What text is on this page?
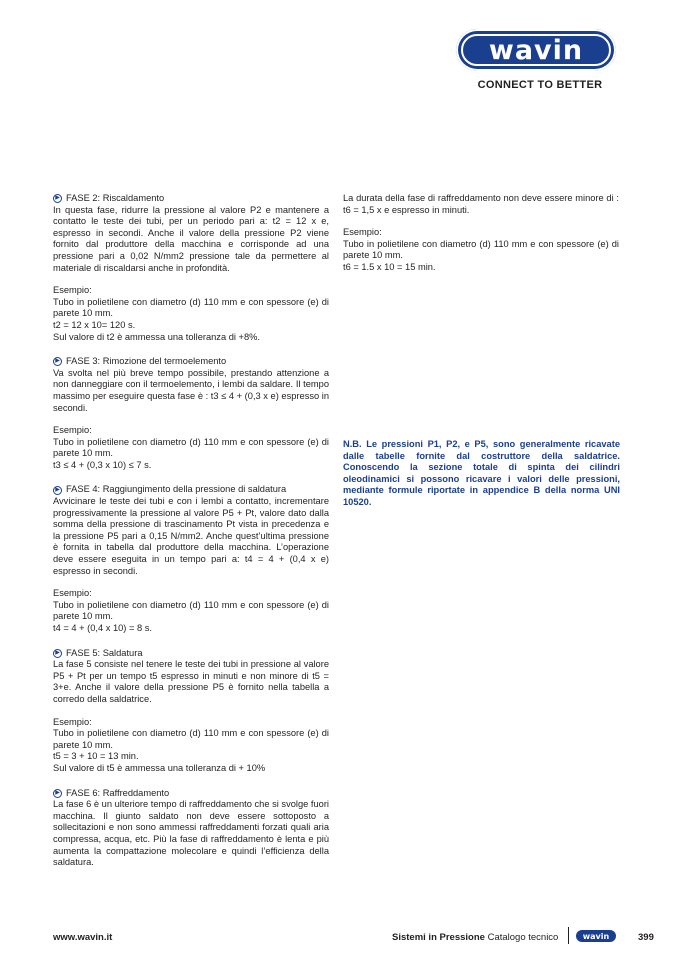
wavin
CONNECT TO BETTER
▶ FASE 2: Riscaldamento

In questa fase, ridurre la pressione al valore P2 e mantenere a contatto le teste dei tubi, per un periodo pari a: t2 = 12 x e, espresso in secondi. Anche il valore della pressione P2 viene fornito dal produttore della macchina e corrisponde ad una pressione pari a 0,02 N/mm2 pressione tale da permettere al materiale di riscaldarsi anche in profondità.

Esempio:

Tubo in polietilene con diametro (d) 110 mm e con spessore (e) di parete 10 mm.

t2 = 12 x 10= 120 s.

Sul valore di t2 è ammessa una tolleranza di +8%.

▶ FASE 3: Rimozione del termoelemento

Va svolta nel più breve tempo possibile, prestando attenzione a non danneggiare con il termoelemento, i lembi da saldare. Il tempo massimo per eseguire questa fase è : t3 ≤ 4 + (0,3 x e) espresso in secondi.

Esempio:

Tubo in polietilene con diametro (d) 110 mm e con spessore (e) di parete 10 mm.

t3 ≤ 4 + (0,3 x 10) ≤ 7 s.

▶ FASE 4: Raggiungimento della pressione di saldatura

Avvicinare le teste dei tubi e con i lembi a contatto, incrementare progressivamente la pressione al valore P5 + Pt, valore dato dalla somma della pressione di trascinamento Pt vista in precedenza e la pressione P5 pari a 0,15 N/mm2. Anche quest’ultima pressione è fornita in tabella dal produttore della macchina. L’operazione deve essere eseguita in un tempo pari a: t4 = 4 + (0,4 x e) espresso in secondi.

Esempio:

Tubo in polietilene con diametro (d) 110 mm e con spessore (e) di parete 10 mm.

t4 = 4 + (0,4 x 10) = 8 s.

▶ FASE 5: Saldatura

La fase 5 consiste nel tenere le teste dei tubi in pressione al valore P5 + Pt per un tempo t5 espresso in minuti e non minore di t5 = 3+e. Anche il valore della pressione P5 è fornito nella tabella a corredo della saldatrice.

Esempio:

Tubo in polietilene con diametro (d) 110 mm e con spessore (e) di parete 10 mm.

t5 = 3 + 10 = 13 min.

Sul valore di t5 è ammessa una tolleranza di + 10%

▶ FASE 6: Raffreddamento

La fase 6 è un ulteriore tempo di raffreddamento che si svolge fuori macchina. Il giunto saldato non deve essere sottoposto a sollecitazioni e non sono ammessi raffreddamenti forzati quali aria compressa, acqua, etc. Più la fase di raffreddamento è lenta e più aumenta la compattazione molecolare e quindi l’efficienza della saldatura.

La durata della fase di raffreddamento non deve essere minore di : t6 = 1,5 x e espresso in minuti.

Esempio:

Tubo in polietilene con diametro (d) 110 mm e con spessore (e) di parete 10 mm.

t6 = 1.5 x 10 = 15 min.

N.B. Le pressioni P1, P2, e P5, sono generalmente ricavate dalle tabelle fornite dal costruttore della saldatrice. Conoscendo la sezione totale di spinta dei cilindri oleodinamici si possono ricavare i valori delle pressioni, mediante formule riportate in appendice B della norma UNI 10520.
www.wavin.it	Sistemi in Pressione Catalogo tecnico	wavin	399
